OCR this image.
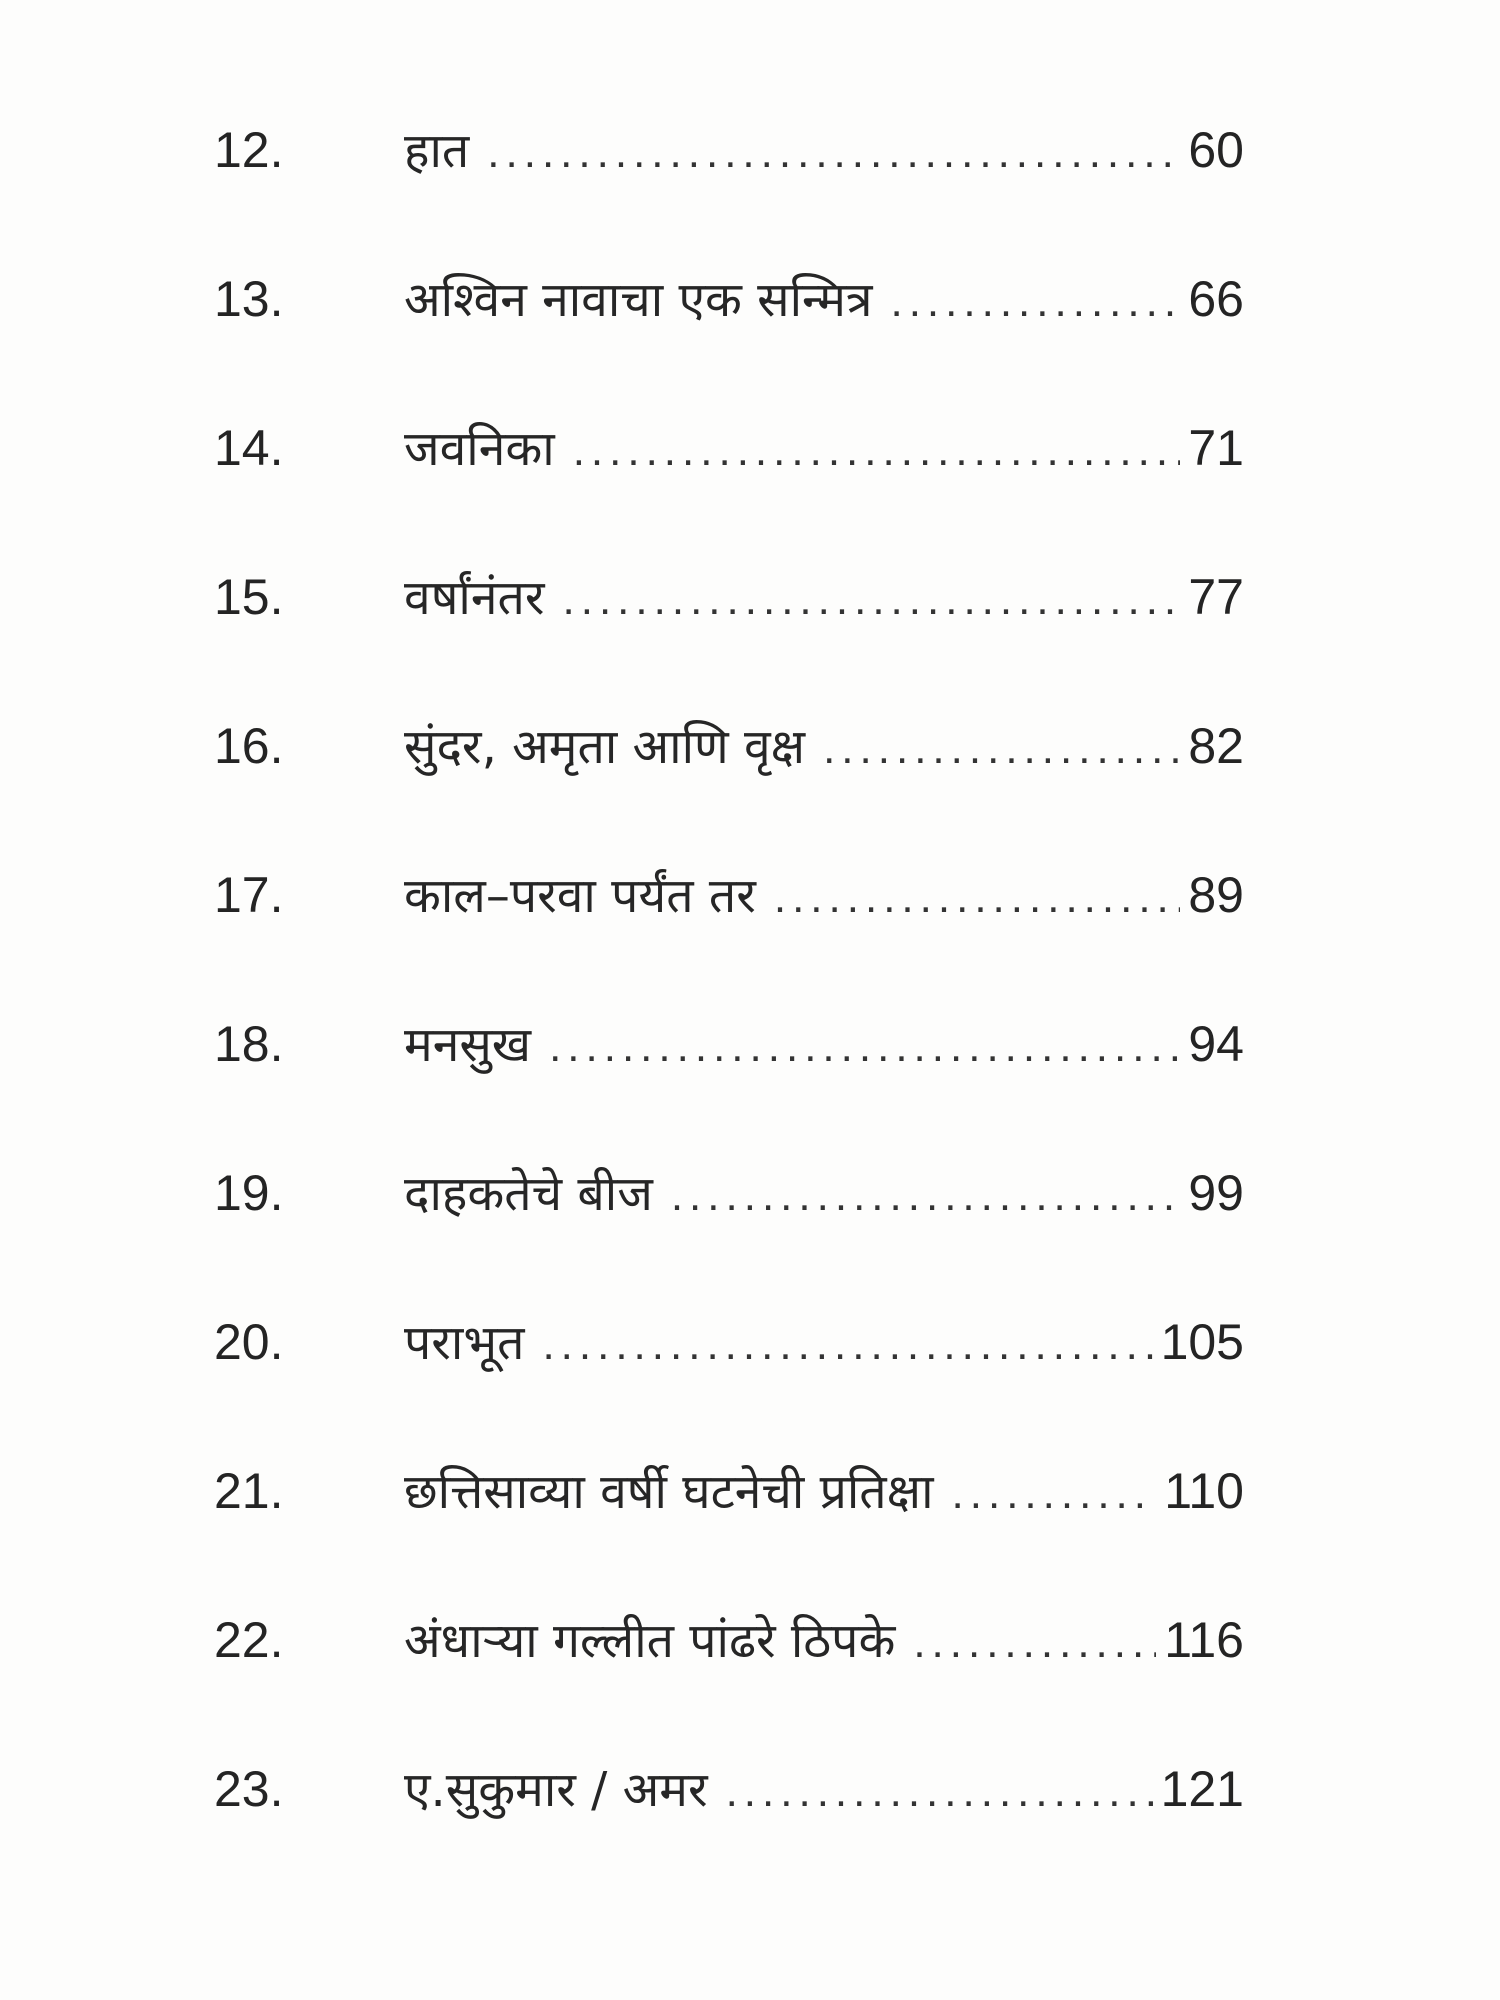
12.	हात .....	60
13.	अश्विन नावाचा एक सन्मित्र .....	66
14.	जवनिका .....	71
15.	वर्षांनंतर .....	77
16.	सुंदर, अमृता आणि वृक्ष .....	82
17.	काल–परवा पर्यंत तर .....	89
18.	मनसुख .....	94
19.	दाहकतेचे बीज .....	99
20.	पराभूत .....	105
21.	छत्तिसाव्या वर्षी घटनेची प्रतिक्षा .....	110
22.	अंधाऱ्या गल्लीत पांढरे ठिपके .....	116
23.	ए.सुकुमार / अमर .....	121
